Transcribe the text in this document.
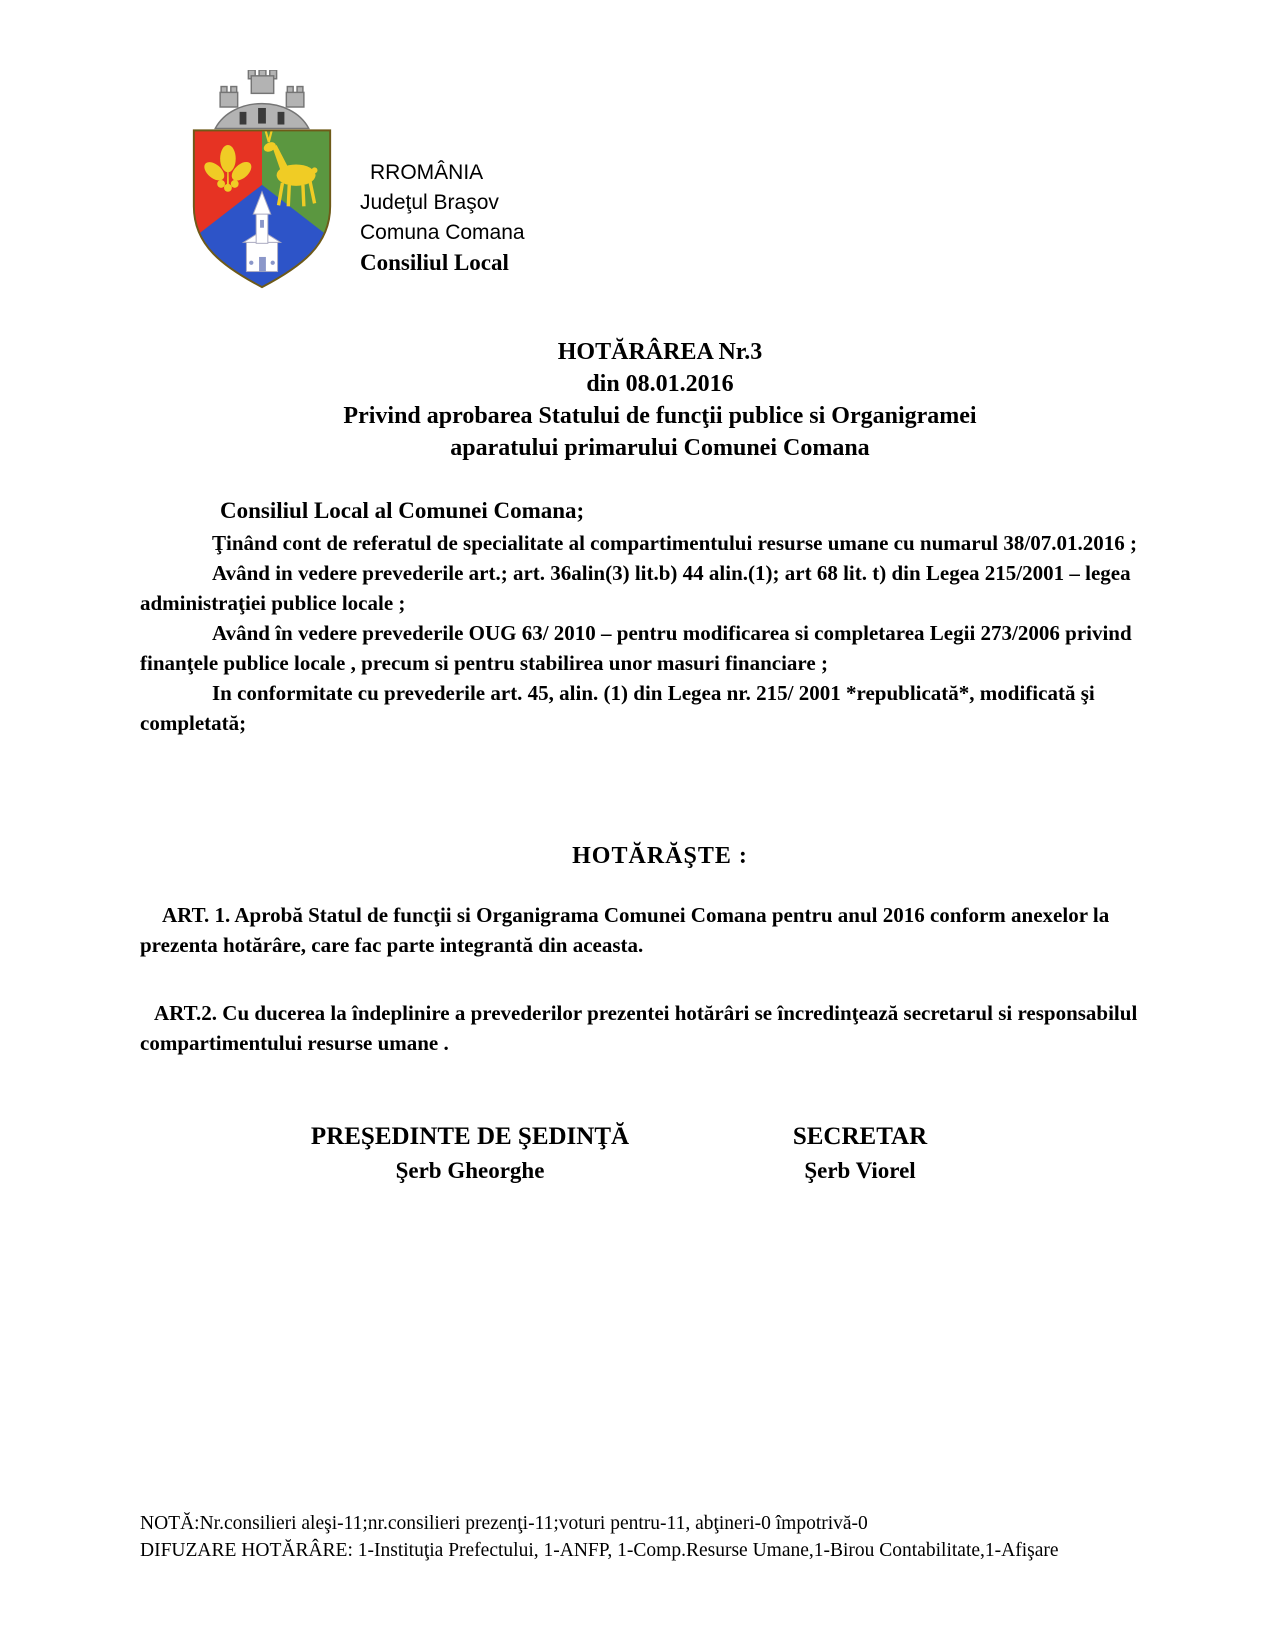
RROMÂNIA
Judeţul Braşov
Comuna Comana
Consiliul Local
HOTĂRÂREA Nr.3
din 08.01.2016
Privind aprobarea Statului de funcţii publice si Organigramei
aparatului primarului Comunei Comana

Consiliul Local al Comunei Comana;

Ţinând cont de referatul de specialitate al compartimentului resurse umane cu numarul 38/07.01.2016 ;

Având in vedere prevederile art.; art. 36alin(3) lit.b) 44 alin.(1); art 68 lit. t) din Legea 215/2001 – legea administraţiei publice locale ;

Având în vedere prevederile OUG 63/ 2010 – pentru modificarea si completarea Legii 273/2006 privind finanţele publice locale , precum si pentru stabilirea unor masuri financiare ;

In conformitate cu prevederile art. 45, alin. (1) din Legea nr. 215/ 2001 *republicată*, modificată şi completată;

HOTĂRĂŞTE :

ART. 1. Aprobă Statul de funcţii si Organigrama Comunei Comana pentru anul 2016 conform anexelor la prezenta hotărâre, care fac parte integrantă din aceasta.

ART.2. Cu ducerea la îndeplinire a prevederilor prezentei hotărâri se încredinţează secretarul si responsabilul compartimentului resurse umane .

PREŞEDINTE DE ŞEDINŢĂ
Şerb Gheorghe
SECRETAR
Şerb Viorel
NOTĂ:Nr.consilieri aleşi-11;nr.consilieri prezenţi-11;voturi pentru-11, abţineri-0 împotrivă-0
DIFUZARE HOTĂRÂRE: 1-Instituţia Prefectului, 1-ANFP, 1-Comp.Resurse Umane,1-Birou Contabilitate,1-Afişare
